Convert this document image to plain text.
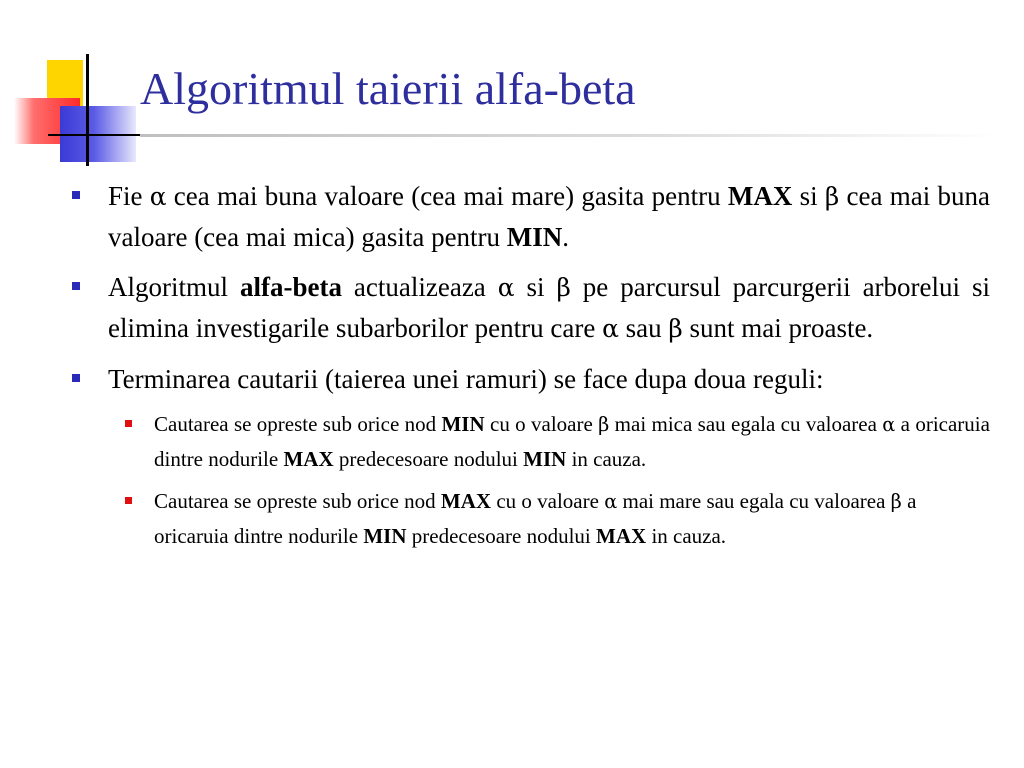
Algoritmul taierii alfa-beta
Fie α cea mai buna valoare (cea mai mare) gasita pentru MAX si β cea mai buna valoare (cea mai mica) gasita pentru MIN.
Algoritmul alfa-beta actualizeaza α si β pe parcursul parcurgerii arborelui si elimina investigarile subarborilor pentru care α sau β sunt mai proaste.
Terminarea cautarii (taierea unei ramuri) se face dupa doua reguli:
Cautarea se opreste sub orice nod MIN cu o valoare β mai mica sau egala cu valoarea α a oricaruia dintre nodurile MAX predecesoare nodului MIN in cauza.
Cautarea se opreste sub orice nod MAX cu o valoare α mai mare sau egala cu valoarea β a oricaruia dintre nodurile MIN predecesoare nodului MAX in cauza.
